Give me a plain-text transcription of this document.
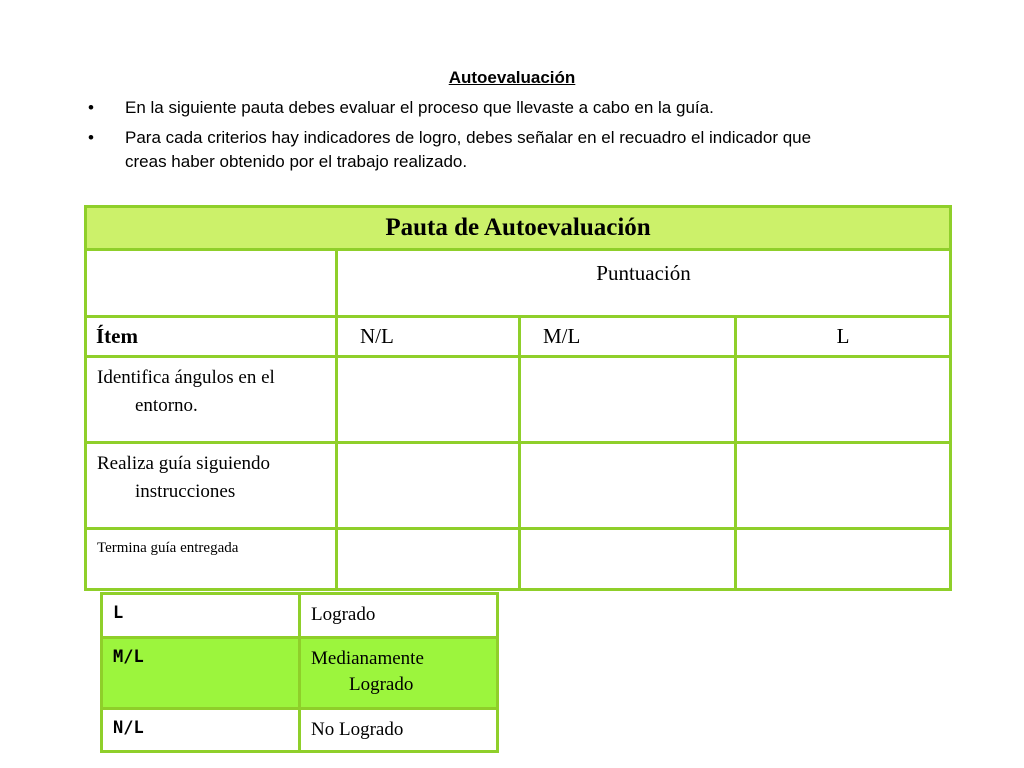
Autoevaluación
• En la siguiente pauta debes evaluar el proceso que llevaste a cabo en la guía.
• Para cada criterios hay indicadores de logro, debes señalar en el recuadro el indicador que
creas haber obtenido por el trabajo realizado.
Pauta de Autoevaluación			
	Puntuación		
Ítem	N/L	M/L	L

Identifica ángulos en el
entorno.			

Realiza guía siguiendo
instrucciones			

Termina guía entregada			

L	Logrado
M/L	Medianamente
Logrado

N/L	No Logrado
